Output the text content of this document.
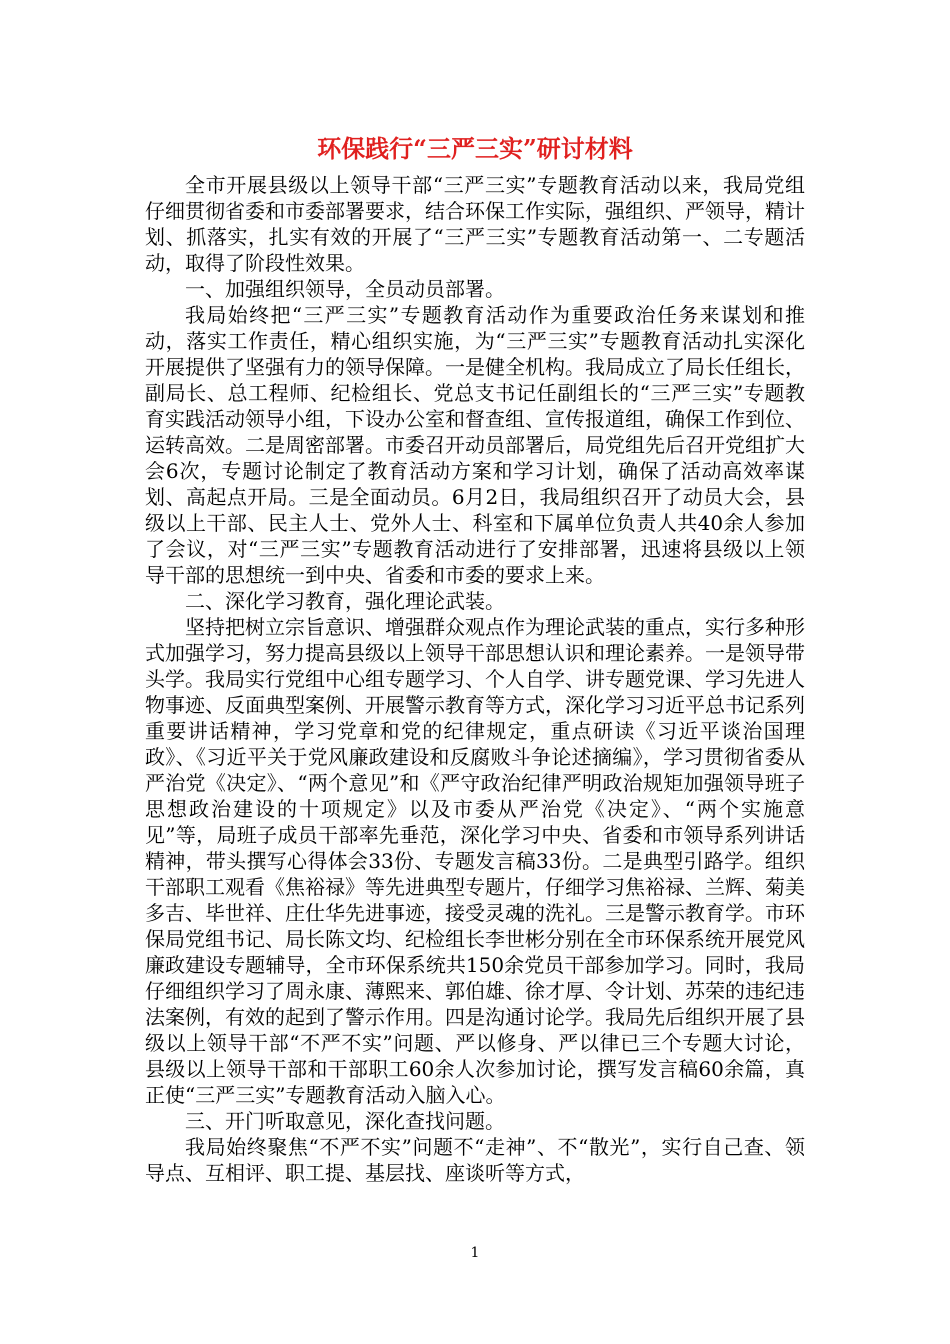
环保践行“三严三实”研讨材料

全市开展县级以上领导干部“三严三实”专题教育活动以来，我局党组仔细贯彻省委和市委部署要求，结合环保工作实际，强组织、严领导，精计划、抓落实，扎实有效的开展了“三严三实”专题教育活动第一、二专题活动，取得了阶段性效果。

一、加强组织领导，全员动员部署。

我局始终把“三严三实”专题教育活动作为重要政治任务来谋划和推动，落实工作责任，精心组织实施，为“三严三实”专题教育活动扎实深化开展提供了坚强有力的领导保障。一是健全机构。我局成立了局长任组长，副局长、总工程师、纪检组长、党总支书记任副组长的“三严三实”专题教育实践活动领导小组，下设办公室和督查组、宣传报道组，确保工作到位、运转高效。二是周密部署。市委召开动员部署后，局党组先后召开党组扩大会6次，专题讨论制定了教育活动方案和学习计划，确保了活动高效率谋划、高起点开局。三是全面动员。6月2日，我局组织召开了动员大会，县级以上干部、民主人士、党外人士、科室和下属单位负责人共40余人参加了会议，对“三严三实”专题教育活动进行了安排部署，迅速将县级以上领导干部的思想统一到中央、省委和市委的要求上来。

二、深化学习教育，强化理论武装。

坚持把树立宗旨意识、增强群众观点作为理论武装的重点，实行多种形式加强学习，努力提高县级以上领导干部思想认识和理论素养。一是领导带头学。我局实行党组中心组专题学习、个人自学、讲专题党课、学习先进人物事迹、反面典型案例、开展警示教育等方式，深化学习习近平总书记系列重要讲话精神，学习党章和党的纪律规定，重点研读《习近平谈治国理政》、《习近平关于党风廉政建设和反腐败斗争论述摘编》，学习贯彻省委从严治党《决定》、“两个意见”和《严守政治纪律严明政治规矩加强领导班子思想政治建设的十项规定》以及市委从严治党《决定》、“两个实施意见”等，局班子成员干部率先垂范，深化学习中央、省委和市领导系列讲话精神，带头撰写心得体会33份、专题发言稿33份。二是典型引路学。组织干部职工观看《焦裕禄》等先进典型专题片，仔细学习焦裕禄、兰辉、菊美多吉、毕世祥、庄仕华先进事迹，接受灵魂的洗礼。三是警示教育学。市环保局党组书记、局长陈文均、纪检组长李世彬分别在全市环保系统开展党风廉政建设专题辅导，全市环保系统共150余党员干部参加学习。同时，我局仔细组织学习了周永康、薄熙来、郭伯雄、徐才厚、令计划、苏荣的违纪违法案例，有效的起到了警示作用。四是沟通讨论学。我局先后组织开展了县级以上领导干部“不严不实”问题、严以修身、严以律已三个专题大讨论，县级以上领导干部和干部职工60余人次参加讨论，撰写发言稿60余篇，真正使“三严三实”专题教育活动入脑入心。

三、开门听取意见，深化查找问题。

我局始终聚焦“不严不实”问题不“走神”、不“散光”，实行自己查、领导点、互相评、职工提、基层找、座谈听等方式，

1
